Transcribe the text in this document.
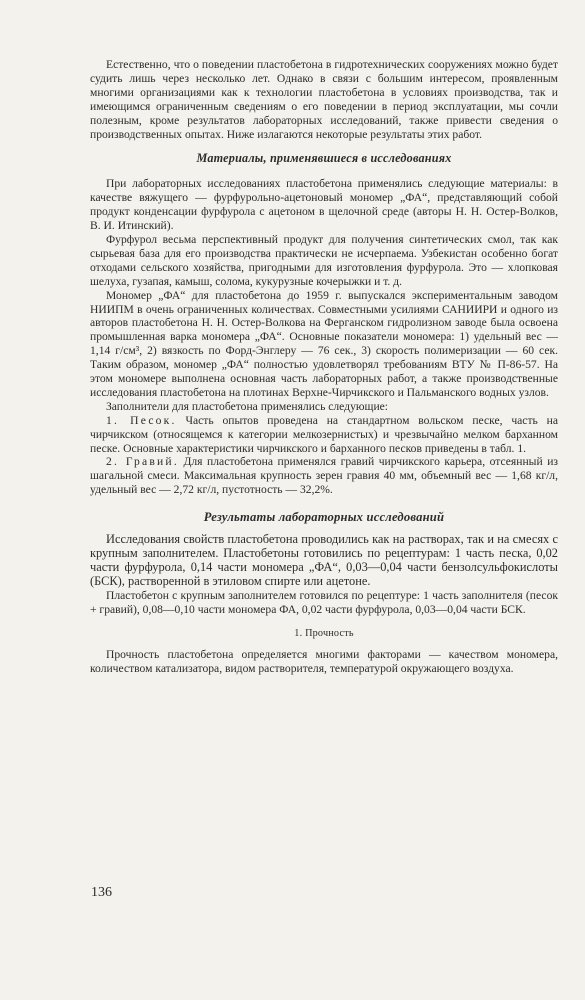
Естественно, что о поведении пластобетона в гидротехнических сооружениях можно будет судить лишь через несколько лет. Однако в связи с большим интересом, проявленным многими организациями как к технологии пластобетона в условиях производства, так и имеющимся ограниченным сведениям о его поведении в период эксплуатации, мы сочли полезным, кроме результатов лабораторных исследований, также привести сведения о производственных опытах. Ниже излагаются некоторые результаты этих работ.

Материалы, применявшиеся в исследованиях

При лабораторных исследованиях пластобетона применялись следующие материалы: в качестве вяжущего — фурфурольно-ацетоновый мономер „ФА“, представляющий собой продукт конденсации фурфурола с ацетоном в щелочной среде (авторы Н. Н. Остер-Волков, В. И. Итинский).

Фурфурол весьма перспективный продукт для получения синтетических смол, так как сырьевая база для его производства практически не исчерпаема. Узбекистан особенно богат отходами сельского хозяйства, пригодными для изготовления фурфурола. Это — хлопковая шелуха, гузапая, камыш, солома, кукурузные кочерыжки и т. д.

Мономер „ФА“ для пластобетона до 1959 г. выпускался экспериментальным заводом НИИПМ в очень ограниченных количествах. Совместными усилиями САНИИРИ и одного из авторов пластобетона Н. Н. Остер-Волкова на Ферганском гидролизном заводе была освоена промышленная варка мономера „ФА“. Основные показатели мономера: 1) удельный вес — 1,14 г/см³, 2) вязкость по Форд-Энглеру — 76 сек., 3) скорость полимеризации — 60 сек. Таким образом, мономер „ФА“ полностью удовлетворял требованиям ВТУ № П-86-57. На этом мономере выполнена основная часть лабораторных работ, а также производственные исследования пластобетона на плотинах Верхне-Чирчикского и Пальманского водных узлов.

Заполнители для пластобетона применялись следующие:

1. Песок. Часть опытов проведена на стандартном вольском песке, часть на чирчикском (относящемся к категории мелкозернистых) и чрезвычайно мелком барханном песке. Основные характеристики чирчикского и барханного песков приведены в табл. 1.

2. Гравий. Для пластобетона применялся гравий чирчикского карьера, отсеянный из шагальной смеси. Максимальная крупность зерен гравия 40 мм, объемный вес — 1,68 кг/л, удельный вес — 2,72 кг/л, пустотность — 32,2%.

Результаты лабораторных исследований

Исследования свойств пластобетона проводились как на растворах, так и на смесях с крупным заполнителем. Пластобетоны готовились по рецептурам: 1 часть песка, 0,02 части фурфурола, 0,14 части мономера „ФА“, 0,03—0,04 части бензолсульфокислоты (БСК), растворенной в этиловом спирте или ацетоне.

Пластобетон с крупным заполнителем готовился по рецептуре: 1 часть заполнителя (песок + гравий), 0,08—0,10 части мономера ФА, 0,02 части фурфурола, 0,03—0,04 части БСК.

1. Прочность

Прочность пластобетона определяется многими факторами — качеством мономера, количеством катализатора, видом растворителя, температурой окружающего воздуха.

136
